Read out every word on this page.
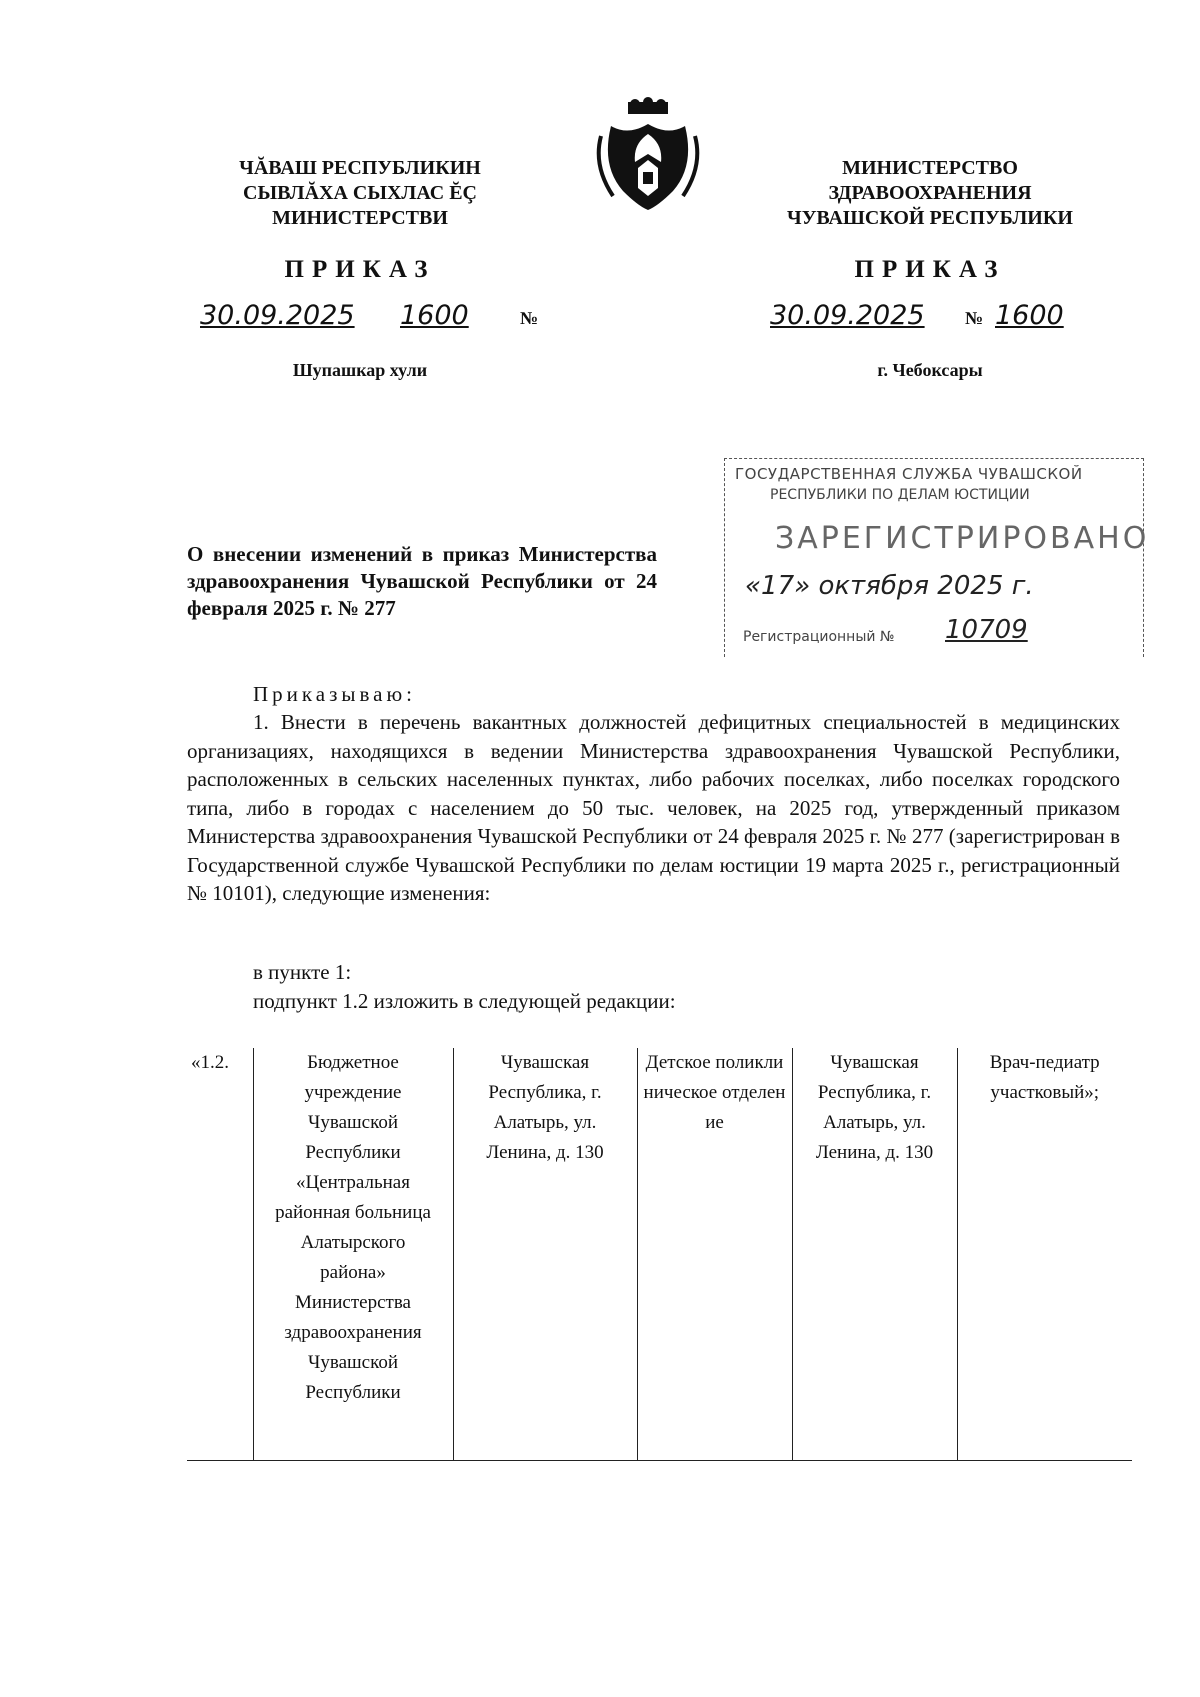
ЧĂВАШ РЕСПУБЛИКИН
СЫВЛĂХА СЫХЛАС ĔÇ
МИНИСТЕРСТВИ
ПРИКАЗ
30.09.2025 1600	№
Шупашкар хули
МИНИСТЕРСТВО
ЗДРАВООХРАНЕНИЯ
ЧУВАШСКОЙ РЕСПУБЛИКИ
ПРИКАЗ
30.09.2025 № 1600
г. Чебоксары
ГОСУДАРСТВЕННАЯ СЛУЖБА ЧУВАШСКОЙ
РЕСПУБЛИКИ ПО ДЕЛАМ ЮСТИЦИИ
ЗАРЕГИСТРИРОВАНО
«17» октября 2025 г.
Регистрационный № 10709
О внесении изменений в приказ Министерства здравоохранения Чувашской Республики от 24 февраля 2025 г. № 277
Приказываю:
1. Внести в перечень вакантных должностей дефицитных специальностей в медицинских организациях, находящихся в ведении Министерства здравоохранения Чувашской Республики, расположенных в сельских населенных пунктах, либо рабочих поселках, либо поселках городского типа, либо в городах с населением до 50 тыс. человек, на 2025 год, утвержденный приказом Министерства здравоохранения Чувашской Республики от 24 февраля 2025 г. № 277 (зарегистрирован в Государственной службе Чувашской Республики по делам юстиции 19 марта 2025 г., регистрационный № 10101), следующие изменения:
в пункте 1:
подпункт 1.2 изложить в следующей редакции:
«1.2.	Бюджетное учреждение Чувашской Республики «Центральная районная больница Алатырского района» Министерства здравоохранения Чувашской Республики	Чувашская Республика, г. Алатырь, ул. Ленина, д. 130	Детское поликлиническое отделение	Чувашская Республика, г. Алатырь, ул. Ленина, д. 130	Врач-педиатр участковый»;
